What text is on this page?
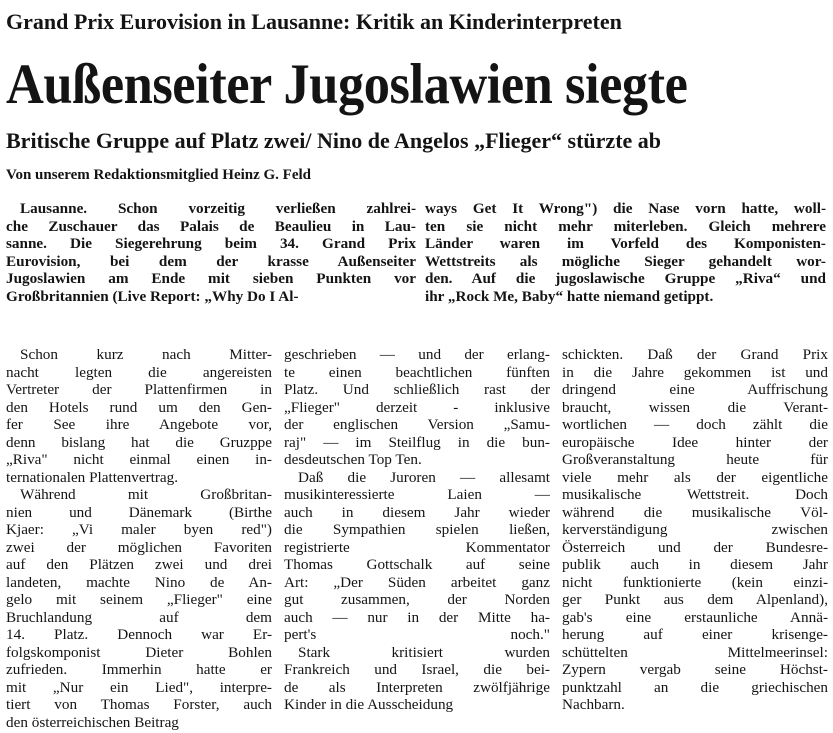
Grand Prix Eurovision in Lausanne: Kritik an Kinderinterpreten
Außenseiter Jugoslawien siegte
Britische Gruppe auf Platz zwei/ Nino de Angelos „Flieger“ stürzte ab
Von unserem Redaktionsmitglied Heinz G. Feld
Lausanne. Schon vorzeitig verließen zahlrei-
che Zuschauer das Palais de Beaulieu in Lau-
sanne. Die Siegerehrung beim 34. Grand Prix
Eurovision, bei dem der krasse Außenseiter
Jugoslawien am Ende mit sieben Punkten vor
Großbritannien (Live Report: „Why Do I Al-
ways Get It Wrong") die Nase vorn hatte, woll-
ten sie nicht mehr miterleben. Gleich mehrere
Länder waren im Vorfeld des Komponisten-
Wettstreits als mögliche Sieger gehandelt wor-
den. Auf die jugoslawische Gruppe „Riva“ und
ihr „Rock Me, Baby“ hatte niemand getippt.
Schon kurz nach Mitter-
nacht legten die angereisten
Vertreter der Plattenfirmen in
den Hotels rund um den Gen-
fer See ihre Angebote vor,
denn bislang hat die Gruzppe
„Riva" nicht einmal einen in-
ternationalen Plattenvertrag.
Während mit Großbritan-
nien und Dänemark (Birthe
Kjaer: „Vi maler byen red")
zwei der möglichen Favoriten
auf den Plätzen zwei und drei
landeten, machte Nino de An-
gelo mit seinem „Flieger" eine
Bruchlandung auf dem
14. Platz. Dennoch war Er-
folgskomponist Dieter Bohlen
zufrieden. Immerhin hatte er
mit „Nur ein Lied", interpre-
tiert von Thomas Forster, auch
den österreichischen Beitrag
geschrieben — und der erlang-
te einen beachtlichen fünften
Platz. Und schließlich rast der
„Flieger" derzeit - inklusive
der englischen Version „Samu-
raj" — im Steilflug in die bun-
desdeutschen Top Ten.
Daß die Juroren — allesamt
musikinteressierte Laien —
auch in diesem Jahr wieder
die Sympathien spielen ließen,
registrierte Kommentator
Thomas Gottschalk auf seine
Art: „Der Süden arbeitet ganz
gut zusammen, der Norden
auch — nur in der Mitte ha-
pert's noch."
Stark kritisiert wurden
Frankreich und Israel, die bei-
de als Interpreten zwölfjährige
Kinder in die Ausscheidung
schickten. Daß der Grand Prix
in die Jahre gekommen ist und
dringend eine Auffrischung
braucht, wissen die Verant-
wortlichen — doch zählt die
europäische Idee hinter der
Großveranstaltung heute für
viele mehr als der eigentliche
musikalische Wettstreit. Doch
während die musikalische Völ-
kerverständigung zwischen
Österreich und der Bundesre-
publik auch in diesem Jahr
nicht funktionierte (kein einzi-
ger Punkt aus dem Alpenland),
gab's eine erstaunliche Annä-
herung auf einer krisenge-
schüttelten Mittelmeerinsel:
Zypern vergab seine Höchst-
punktzahl an die griechischen
Nachbarn.
